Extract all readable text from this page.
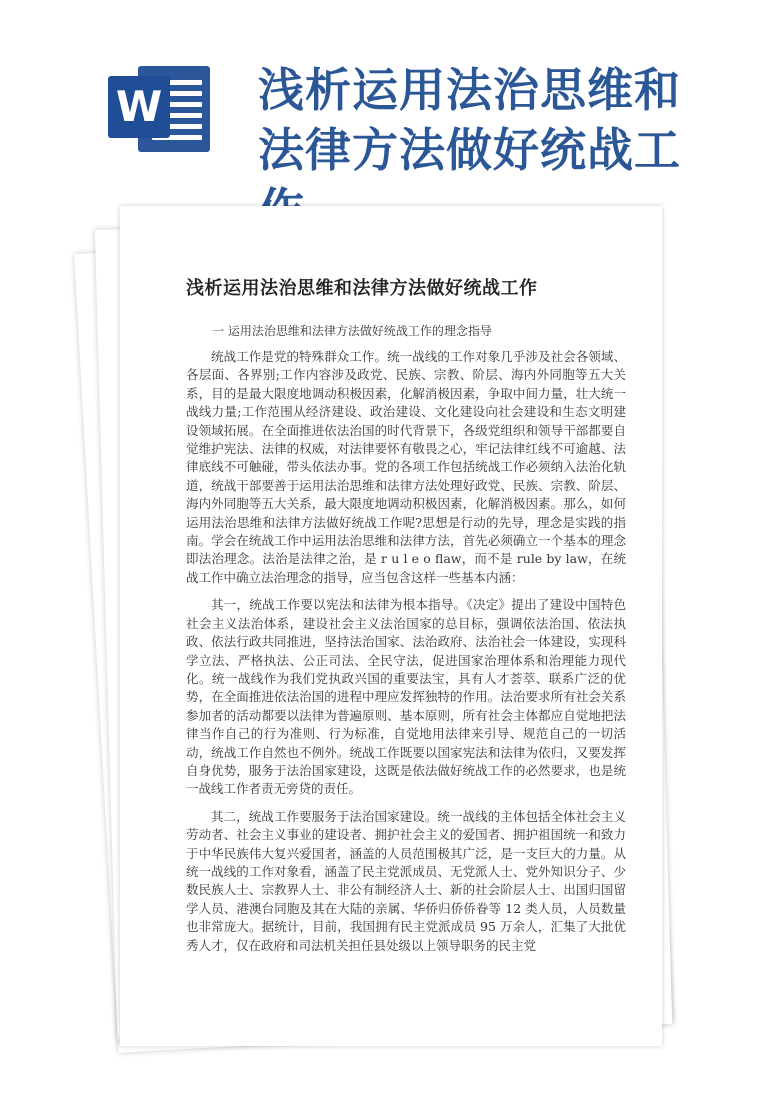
W 浅析运用法治思维和法律方法做好统战工
浅析运用法治思维和法律方法做好统战工作
一 运用法治思维和法律方法做好统战工作的理念指导

统战工作是党的特殊群众工作。统一战线的工作对象几乎涉及社会各领域、各层面、各界别;工作内容涉及政党、民族、宗教、阶层、海内外同胞等五大关系，目的是最大限度地调动积极因素，化解消极因素，争取中间力量，壮大统一战线力量;工作范围从经济建设、政治建设、文化建设向社会建设和生态文明建设领域拓展。在全面推进依法治国的时代背景下，各级党组织和领导干部都要自觉维护宪法、法律的权威，对法律要怀有敬畏之心，牢记法律红线不可逾越、法律底线不可触碰，带头依法办事。党的各项工作包括统战工作必须纳入法治化轨道，统战干部要善于运用法治思维和法律方法处理好政党、民族、宗教、阶层、海内外同胞等五大关系，最大限度地调动积极因素，化解消极因素。那么，如何运用法治思维和法律方法做好统战工作呢?思想是行动的先导，理念是实践的指南。学会在统战工作中运用法治思维和法律方法，首先必须确立一个基本的理念即法治理念。法治是法律之治，是 r u l e o flaw，而不是 rule by law，在统战工作中确立法治理念的指导，应当包含这样一些基本内涵：

其一，统战工作要以宪法和法律为根本指导。《决定》提出了建设中国特色社会主义法治体系，建设社会主义法治国家的总目标，强调依法治国、依法执政、依法行政共同推进，坚持法治国家、法治政府、法治社会一体建设，实现科学立法、严格执法、公正司法、全民守法，促进国家治理体系和治理能力现代化。统一战线作为我们党执政兴国的重要法宝，具有人才荟萃、联系广泛的优势，在全面推进依法治国的进程中理应发挥独特的作用。法治要求所有社会关系参加者的活动都要以法律为普遍原则、基本原则，所有社会主体都应自觉地把法律当作自己的行为准则、行为标准，自觉地用法律来引导、规范自己的一切活动，统战工作自然也不例外。统战工作既要以国家宪法和法律为依归，又要发挥自身优势，服务于法治国家建设，这既是依法做好统战工作的必然要求，也是统一战线工作者责无旁贷的责任。

其二，统战工作要服务于法治国家建设。统一战线的主体包括全体社会主义劳动者、社会主义事业的建设者、拥护社会主义的爱国者、拥护祖国统一和致力于中华民族伟大复兴爱国者，涵盖的人员范围极其广泛，是一支巨大的力量。从统一战线的工作对象看，涵盖了民主党派成员、无党派人士、党外知识分子、少数民族人士、宗教界人士、非公有制经济人士、新的社会阶层人士、出国归国留学人员、港澳台同胞及其在大陆的亲属、华侨归侨侨眷等 12 类人员，人员数量也非常庞大。据统计，目前，我国拥有民主党派成员 95 万余人，汇集了大批优秀人才，仅在政府和司法机关担任县处级以上领导职务的民主党
